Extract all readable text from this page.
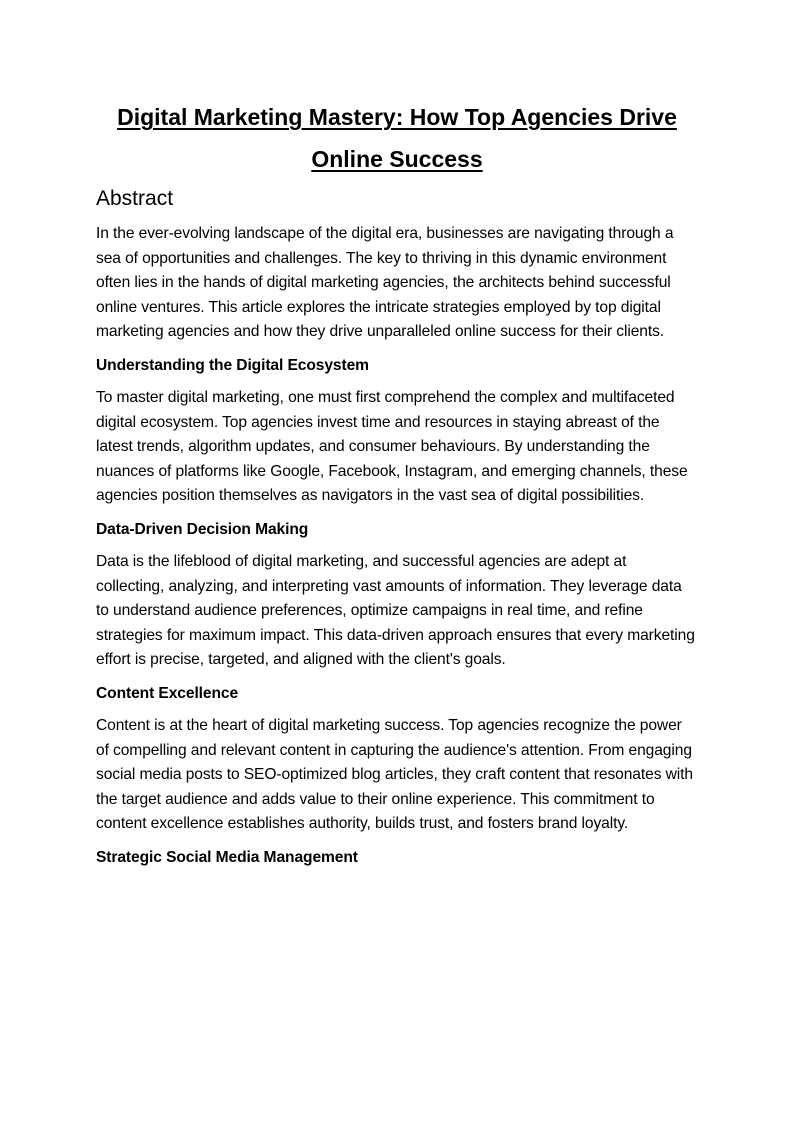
Digital Marketing Mastery: How Top Agencies Drive Online Success
Abstract

In the ever-evolving landscape of the digital era, businesses are navigating through a sea of opportunities and challenges. The key to thriving in this dynamic environment often lies in the hands of digital marketing agencies, the architects behind successful online ventures. This article explores the intricate strategies employed by top digital marketing agencies and how they drive unparalleled online success for their clients.

Understanding the Digital Ecosystem

To master digital marketing, one must first comprehend the complex and multifaceted digital ecosystem. Top agencies invest time and resources in staying abreast of the latest trends, algorithm updates, and consumer behaviours. By understanding the nuances of platforms like Google, Facebook, Instagram, and emerging channels, these agencies position themselves as navigators in the vast sea of digital possibilities.

Data-Driven Decision Making

Data is the lifeblood of digital marketing, and successful agencies are adept at collecting, analyzing, and interpreting vast amounts of information. They leverage data to understand audience preferences, optimize campaigns in real time, and refine strategies for maximum impact. This data-driven approach ensures that every marketing effort is precise, targeted, and aligned with the client's goals.

Content Excellence

Content is at the heart of digital marketing success. Top agencies recognize the power of compelling and relevant content in capturing the audience's attention. From engaging social media posts to SEO-optimized blog articles, they craft content that resonates with the target audience and adds value to their online experience. This commitment to content excellence establishes authority, builds trust, and fosters brand loyalty.

Strategic Social Media Management
